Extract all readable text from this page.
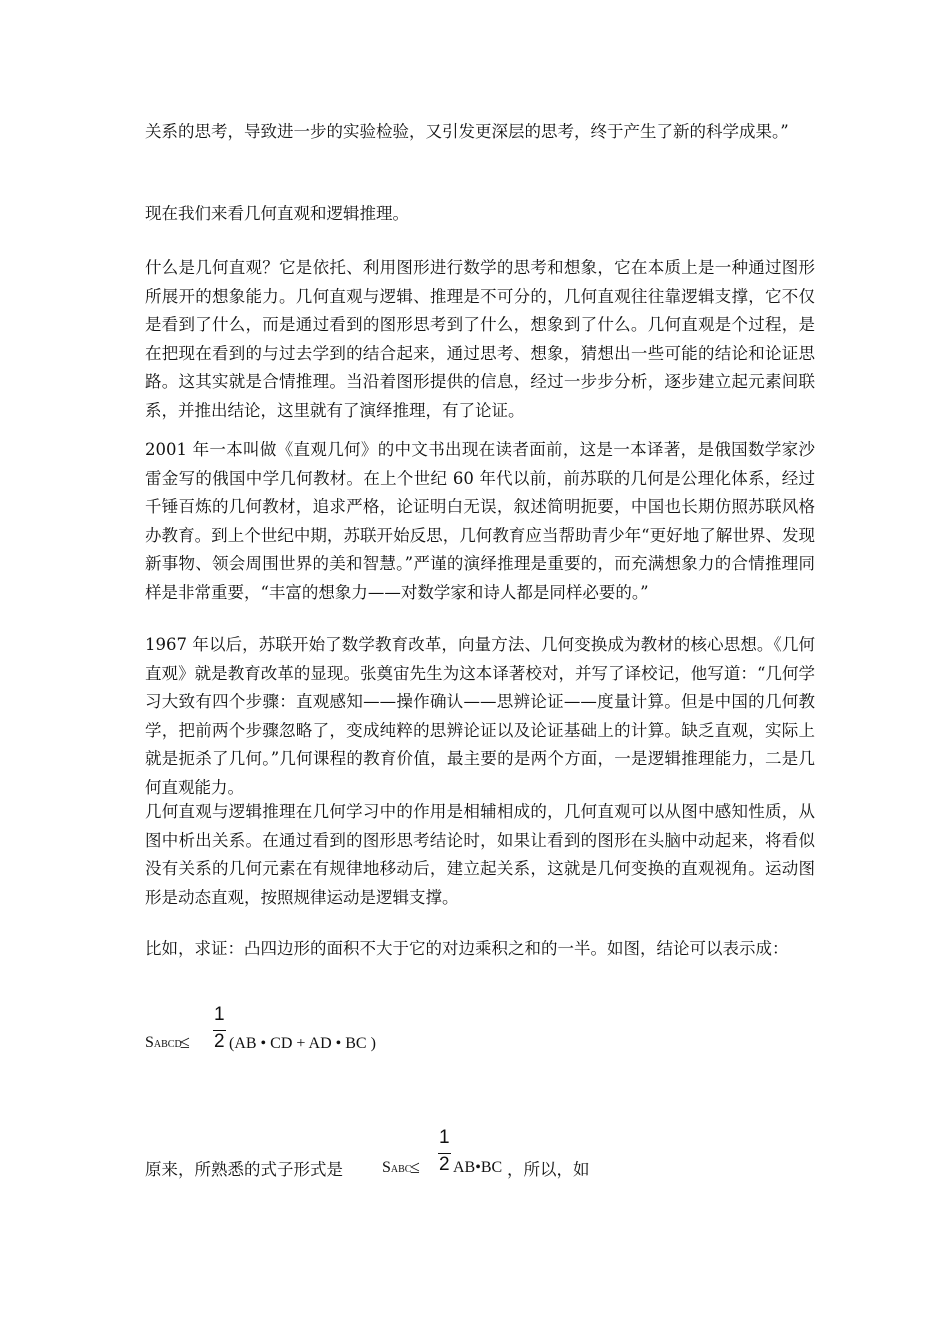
关系的思考，导致进一步的实验检验，又引发更深层的思考，终于产生了新的科学成果。”

现在我们来看几何直观和逻辑推理。

什么是几何直观？它是依托、利用图形进行数学的思考和想象，它在本质上是一种通过图形所展开的想象能力。几何直观与逻辑、推理是不可分的，几何直观往往靠逻辑支撑，它不仅是看到了什么，而是通过看到的图形思考到了什么，想象到了什么。几何直观是个过程，是在把现在看到的与过去学到的结合起来，通过思考、想象，猜想出一些可能的结论和论证思路。这其实就是合情推理。当沿着图形提供的信息，经过一步步分析，逐步建立起元素间联系，并推出结论，这里就有了演绎推理，有了论证。

2001 年一本叫做《直观几何》的中文书出现在读者面前，这是一本译著，是俄国数学家沙雷金写的俄国中学几何教材。在上个世纪 60 年代以前，前苏联的几何是公理化体系，经过千锤百炼的几何教材，追求严格，论证明白无误，叙述简明扼要，中国也长期仿照苏联风格办教育。到上个世纪中期，苏联开始反思，几何教育应当帮助青少年“更好地了解世界、发现新事物、领会周围世界的美和智慧。”严谨的演绎推理是重要的，而充满想象力的合情推理同样是非常重要，“丰富的想象力——对数学家和诗人都是同样必要的。”

1967 年以后，苏联开始了数学教育改革，向量方法、几何变换成为教材的核心思想。《几何直观》就是教育改革的显现。张奠宙先生为这本译著校对，并写了译校记，他写道：“几何学习大致有四个步骤：直观感知——操作确认——思辨论证——度量计算。但是中国的几何教学，把前两个步骤忽略了，变成纯粹的思辨论证以及论证基础上的计算。缺乏直观，实际上就是扼杀了几何。”几何课程的教育价值，最主要的是两个方面，一是逻辑推理能力，二是几何直观能力。

几何直观与逻辑推理在几何学习中的作用是相辅相成的，几何直观可以从图中感知性质，从图中析出关系。在通过看到的图形思考结论时，如果让看到的图形在头脑中动起来，将看似没有关系的几何元素在有规律地移动后，建立起关系，这就是几何变换的直观视角。运动图形是动态直观，按照规律运动是逻辑支撑。

比如，求证：凸四边形的面积不大于它的对边乘积之和的一半。如图，结论可以表示成：

SABCD
≤
1
2 (AB • CD + AD • BC )
原来，所熟悉的式子形式是 SABC
≤
1
2 AB•BC ，所以，如
